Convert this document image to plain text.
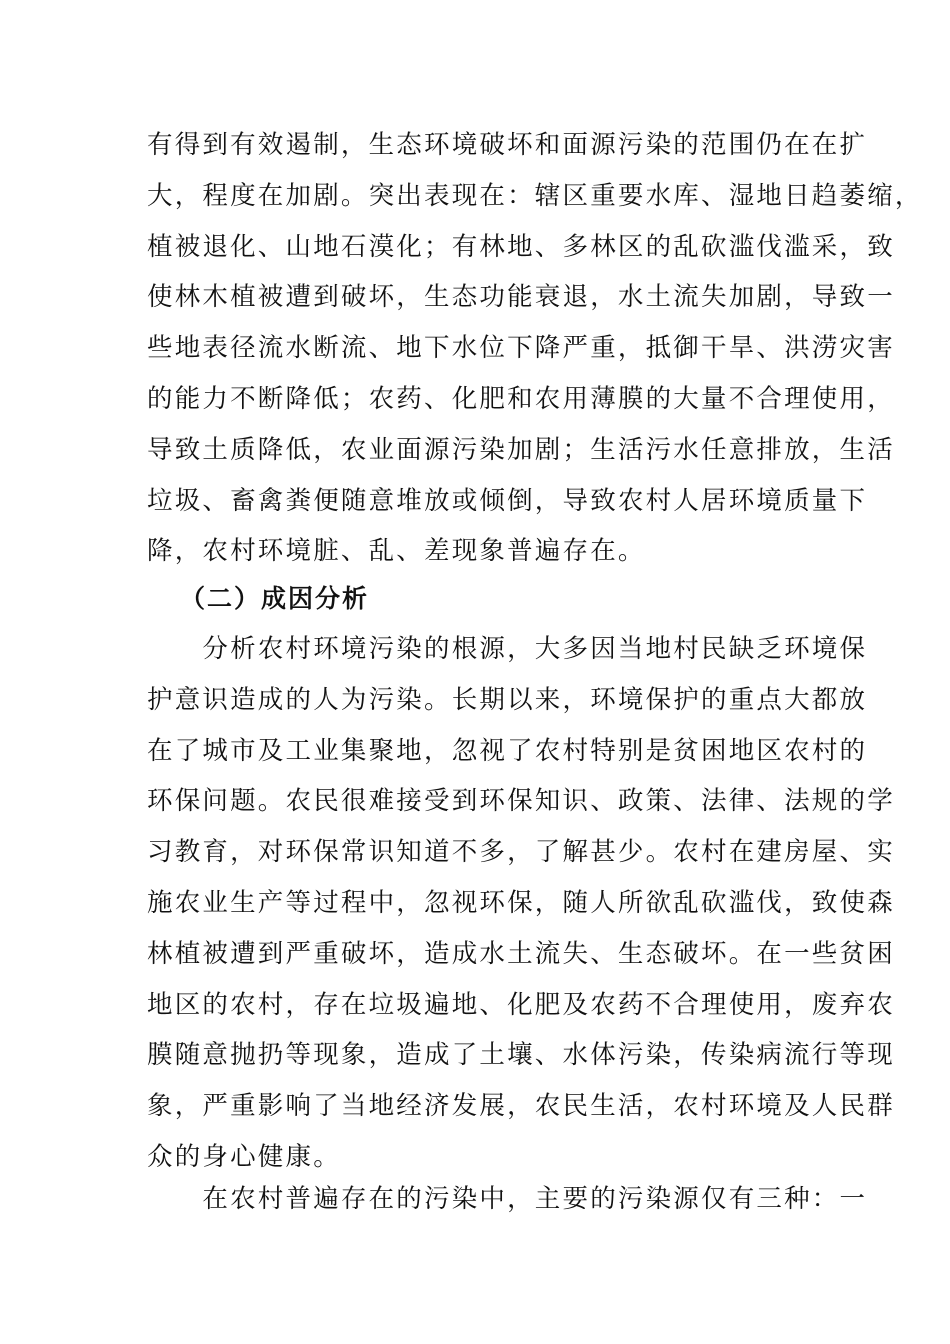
有得到有效遏制，生态环境破坏和面源污染的范围仍在在扩
大，程度在加剧。突出表现在：辖区重要水库、湿地日趋萎缩，
植被退化、山地石漠化；有林地、多林区的乱砍滥伐滥采，致
使林木植被遭到破坏，生态功能衰退，水土流失加剧，导致一
些地表径流水断流、地下水位下降严重，抵御干旱、洪涝灾害
的能力不断降低；农药、化肥和农用薄膜的大量不合理使用，
导致土质降低，农业面源污染加剧；生活污水任意排放，生活
垃圾、畜禽粪便随意堆放或倾倒，导致农村人居环境质量下
降，农村环境脏、乱、差现象普遍存在。
（二）成因分析
　　分析农村环境污染的根源，大多因当地村民缺乏环境保
护意识造成的人为污染。长期以来，环境保护的重点大都放
在了城市及工业集聚地，忽视了农村特别是贫困地区农村的
环保问题。农民很难接受到环保知识、政策、法律、法规的学
习教育，对环保常识知道不多，了解甚少。农村在建房屋、实
施农业生产等过程中，忽视环保，随人所欲乱砍滥伐，致使森
林植被遭到严重破坏，造成水土流失、生态破坏。在一些贫困
地区的农村，存在垃圾遍地、化肥及农药不合理使用，废弃农
膜随意抛扔等现象，造成了土壤、水体污染，传染病流行等现
象，严重影响了当地经济发展，农民生活，农村环境及人民群
众的身心健康。
　　在农村普遍存在的污染中，主要的污染源仅有三种：一
